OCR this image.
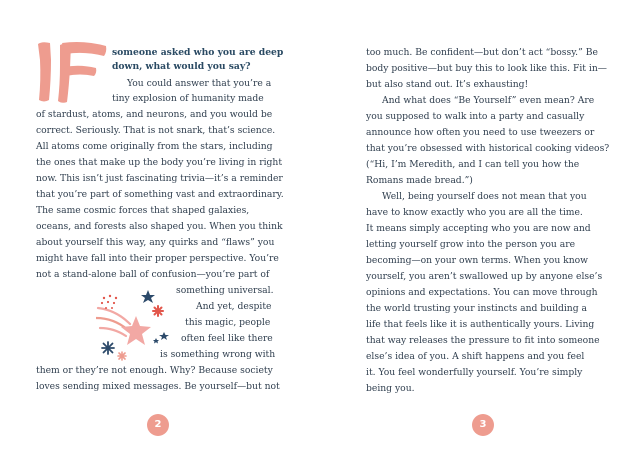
someone asked who you are deep
down, what would you say?
You could answer that you’re a
tiny explosion of humanity made
of stardust, atoms, and neurons, and you would be
correct. Seriously. That is not snark, that’s science.
All atoms come originally from the stars, including
the ones that make up the body you’re living in right
now. This isn’t just fascinating trivia—it’s a reminder
that you’re part of something vast and extraordinary.
The same cosmic forces that shaped galaxies,
oceans, and forests also shaped you. When you think
about yourself this way, any quirks and “flaws” you
might have fall into their proper perspective. You’re
not a stand-alone ball of confusion—you’re part of
something universal.
And yet, despite
this magic, people
often feel like there
is something wrong with
them or they’re not enough. Why? Because society
loves sending mixed messages. Be yourself—but not
2
too much. Be confident—but don’t act “bossy.” Be
body positive—but buy this to look like this. Fit in—
but also stand out. It’s exhausting!
And what does “Be Yourself” even mean? Are
you supposed to walk into a party and casually
announce how often you need to use tweezers or
that you’re obsessed with historical cooking videos?
(“Hi, I’m Meredith, and I can tell you how the
Romans made bread.”)
Well, being yourself does not mean that you
have to know exactly who you are all the time.
It means simply accepting who you are now and
letting yourself grow into the person you are
becoming—on your own terms. When you know
yourself, you aren’t swallowed up by anyone else’s
opinions and expectations. You can move through
the world trusting your instincts and building a
life that feels like it is authentically yours. Living
that way releases the pressure to fit into someone
else’s idea of you. A shift happens and you feel
it. You feel wonderfully yourself. You’re simply
being you.
3
